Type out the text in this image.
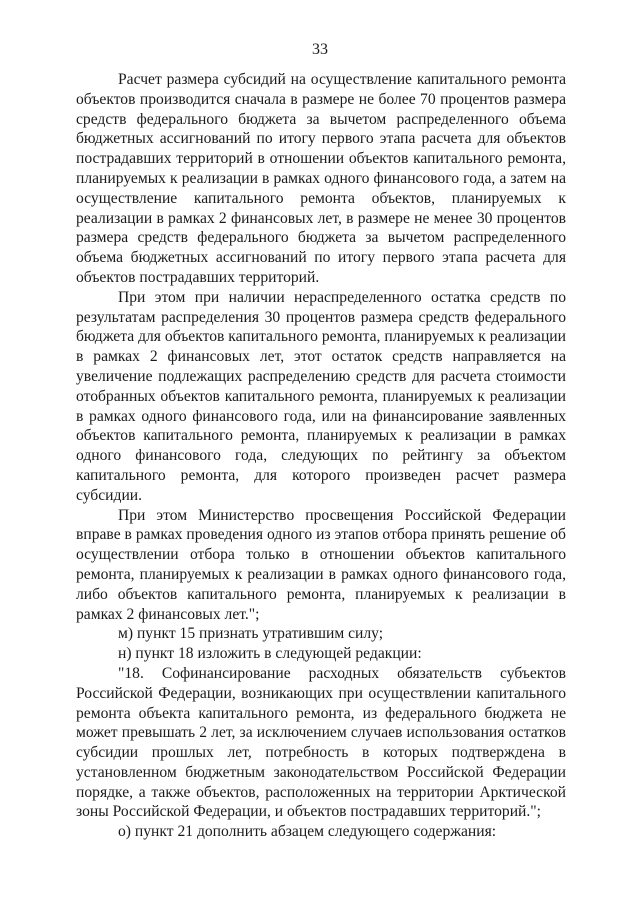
33

Расчет размера субсидий на осуществление капитального ремонта объектов производится сначала в размере не более 70 процентов размера средств федерального бюджета за вычетом распределенного объема бюджетных ассигнований по итогу первого этапа расчета для объектов пострадавших территорий в отношении объектов капитального ремонта, планируемых к реализации в рамках одного финансового года, а затем на осуществление капитального ремонта объектов, планируемых к реализации в рамках 2 финансовых лет, в размере не менее 30 процентов размера средств федерального бюджета за вычетом распределенного объема бюджетных ассигнований по итогу первого этапа расчета для объектов пострадавших территорий.

При этом при наличии нераспределенного остатка средств по результатам распределения 30 процентов размера средств федерального бюджета для объектов капитального ремонта, планируемых к реализации в рамках 2 финансовых лет, этот остаток средств направляется на увеличение подлежащих распределению средств для расчета стоимости отобранных объектов капитального ремонта, планируемых к реализации в рамках одного финансового года, или на финансирование заявленных объектов капитального ремонта, планируемых к реализации в рамках одного финансового года, следующих по рейтингу за объектом капитального ремонта, для которого произведен расчет размера субсидии.

При этом Министерство просвещения Российской Федерации вправе в рамках проведения одного из этапов отбора принять решение об осуществлении отбора только в отношении объектов капитального ремонта, планируемых к реализации в рамках одного финансового года, либо объектов капитального ремонта, планируемых к реализации в рамках 2 финансовых лет.";

м) пункт 15 признать утратившим силу;

н) пункт 18 изложить в следующей редакции:

"18. Софинансирование расходных обязательств субъектов Российской Федерации, возникающих при осуществлении капитального ремонта объекта капитального ремонта, из федерального бюджета не может превышать 2 лет, за исключением случаев использования остатков субсидии прошлых лет, потребность в которых подтверждена в установленном бюджетным законодательством Российской Федерации порядке, а также объектов, расположенных на территории Арктической зоны Российской Федерации, и объектов пострадавших территорий.";

о) пункт 21 дополнить абзацем следующего содержания:
